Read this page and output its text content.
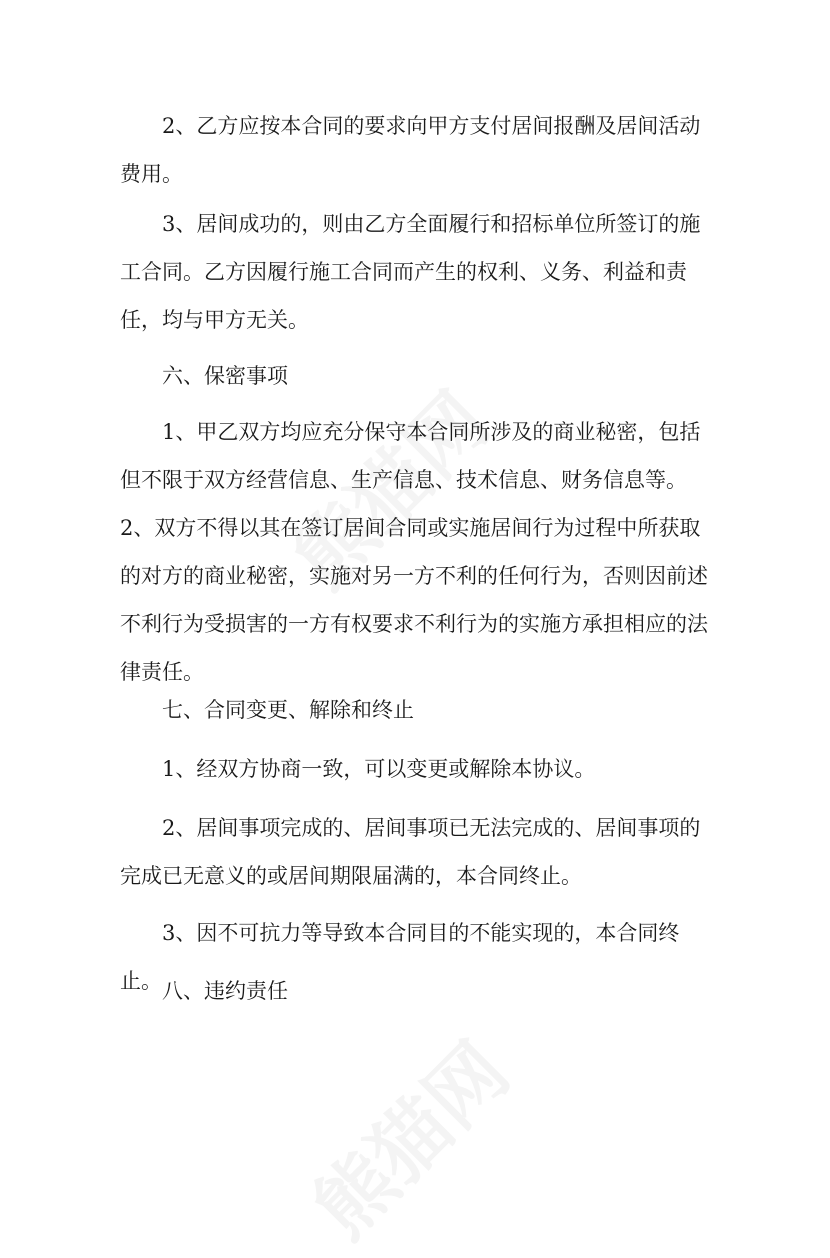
2、乙方应按本合同的要求向甲方支付居间报酬及居间活动费用。

3、居间成功的，则由乙方全面履行和招标单位所签订的施工合同。乙方因履行施工合同而产生的权利、义务、利益和责任，均与甲方无关。

六、保密事项

1、甲乙双方均应充分保守本合同所涉及的商业秘密，包括但不限于双方经营信息、生产信息、技术信息、财务信息等。2、双方不得以其在签订居间合同或实施居间行为过程中所获取的对方的商业秘密，实施对另一方不利的任何行为，否则因前述不利行为受损害的一方有权要求不利行为的实施方承担相应的法律责任。

七、合同变更、解除和终止

1、经双方协商一致，可以变更或解除本协议。

2、居间事项完成的、居间事项已无法完成的、居间事项的完成已无意义的或居间期限届满的，本合同终止。

3、因不可抗力等导致本合同目的不能实现的，本合同终止。 八、违约责任
